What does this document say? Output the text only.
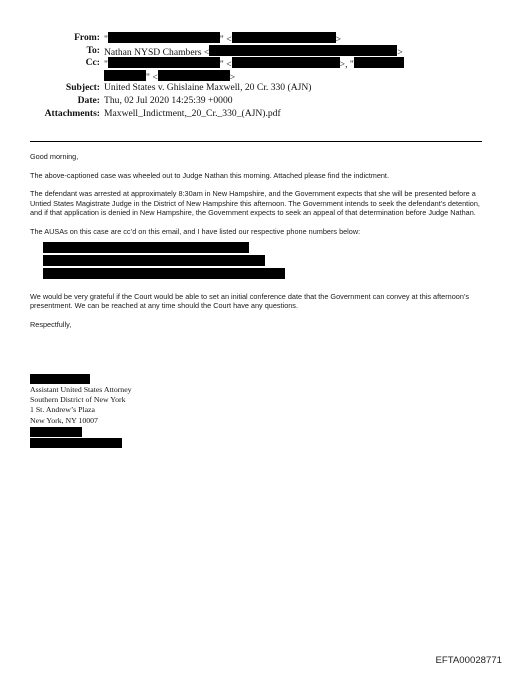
From: "	" <	>
To: Nathan NYSD Chambers <	>
Cc: "	" <	>, "
" <	>
Subject: United States v. Ghislaine Maxwell, 20 Cr. 330 (AJN)
Date: Thu, 02 Jul 2020 14:25:39 +0000
Attachments: Maxwell_Indictment,_20_Cr._330_(AJN).pdf

Good morning,

The above-captioned case was wheeled out to Judge Nathan this morning. Attached please find the indictment.

The defendant was arrested at approximately 8:30am in New Hampshire, and the Government expects that she will be presented before a Untied States Magistrate Judge in the District of New Hampshire this afternoon. The Government intends to seek the defendant’s detention, and if that application is denied in New Hampshire, the Government expects to seek an appeal of that determination before Judge Nathan.

The AUSAs on this case are cc’d on this email, and I have listed our respective phone numbers below:

We would be very grateful if the Court would be able to set an initial conference date that the Government can convey at this afternoon’s presentment. We can be reached at any time should the Court have any questions.

Respectfully,

Assistant United States Attorney
Southern District of New York
1 St. Andrew’s Plaza
New York, NY 10007
EFTA00028771
